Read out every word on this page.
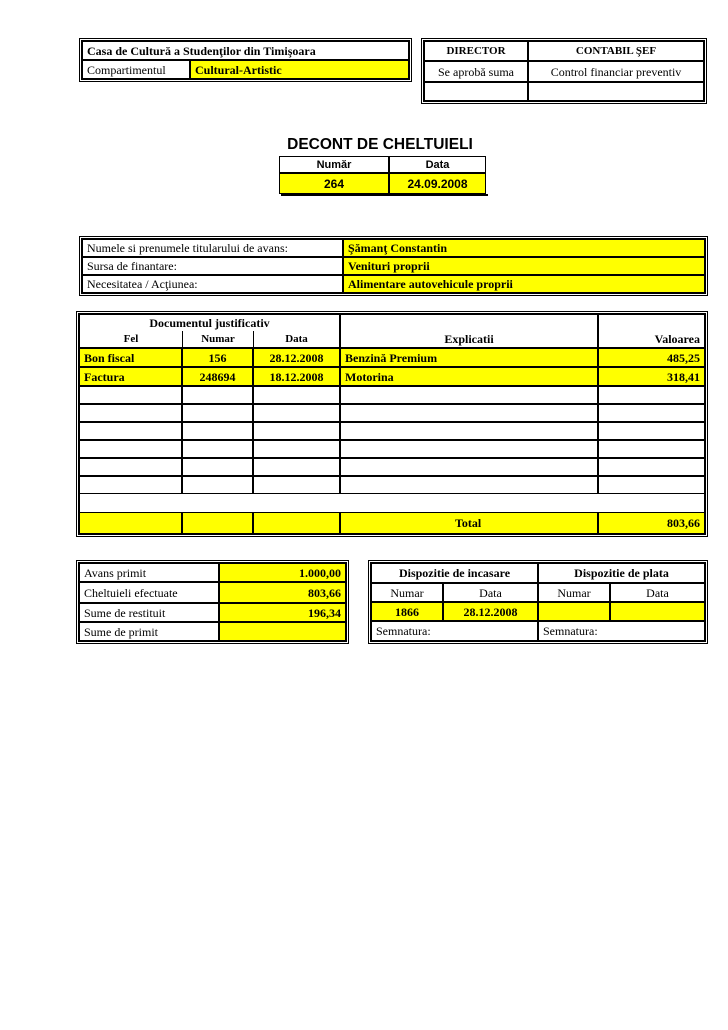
Casa de Cultură a Studenţilor din Timişoara
Compartimentul	Cultural-Artistic
DIRECTOR	CONTABIL ŞEF
Se aprobă suma	Control financiar preventiv
DECONT DE CHELTUIELI
Număr	Data
264	24.09.2008
Numele si prenumele titularului de avans:	Şămanţ Constantin
Sursa de finantare:	Venituri proprii
Necesitatea / Acţiunea:	Alimentare autovehicule proprii
Documentul justificativ
Fel	Numar	Data	Explicatii	Valoarea
Bon fiscal	156	28.12.2008	Benzină Premium	485,25
Factura	248694	18.12.2008	Motorina	318,41
Total	803,66
Avans primit	1.000,00
Cheltuieli efectuate	803,66
Sume de restituit	196,34
Sume de primit
Dispozitie de incasare	Dispozitie de plata
Numar	Data	Numar	Data
1866	28.12.2008
Semnatura:	Semnatura:
